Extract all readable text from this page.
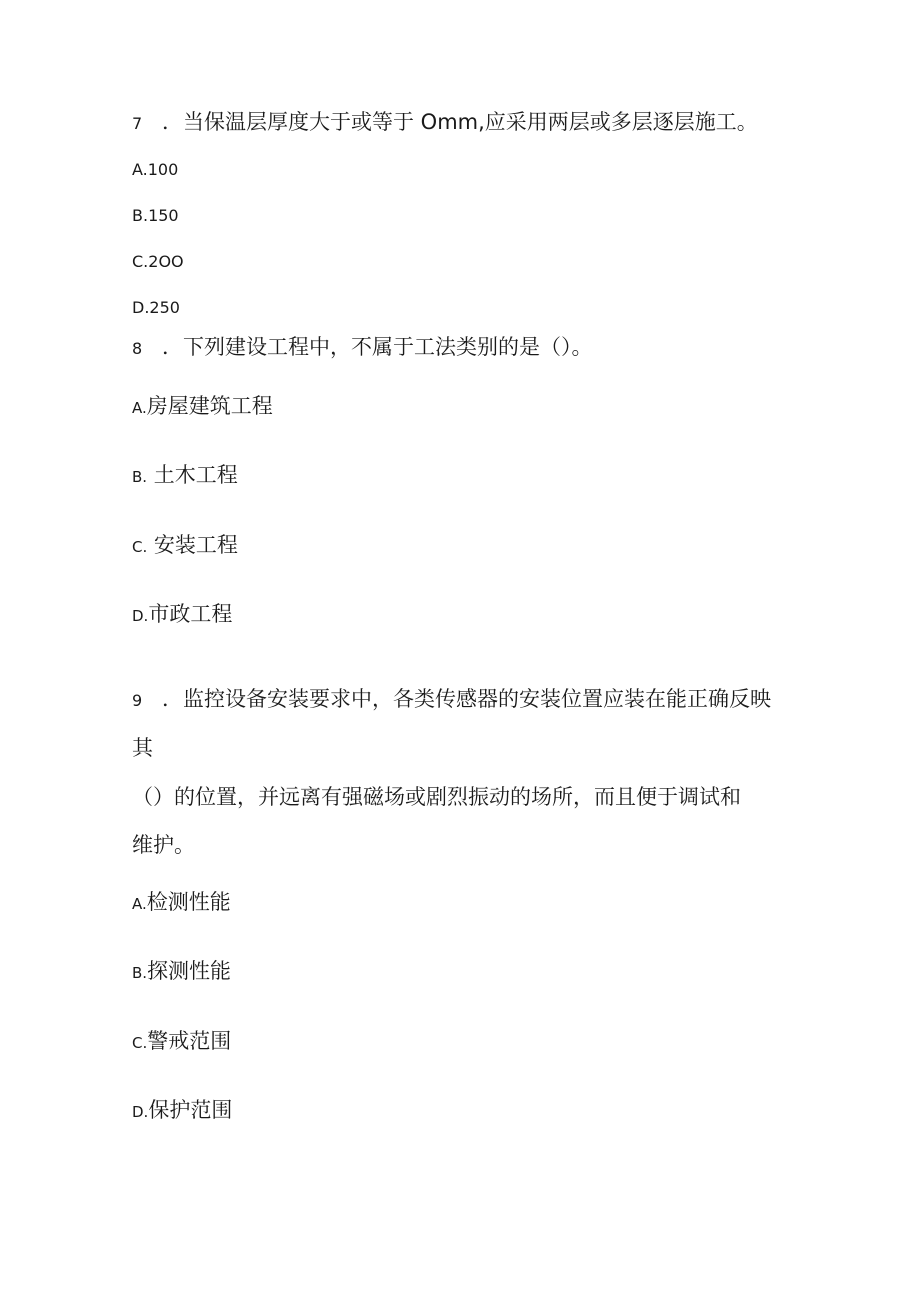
7 ．当保温层厚度大于或等于 Omm,应采用两层或多层逐层施工。
A.100
B.150
C.2OO
D.250
8 ．下列建设工程中，不属于工法类别的是（）。
A.房屋建筑工程
B. 土木工程
C. 安装工程
D.市政工程
9 ．监控设备安装要求中，各类传感器的安装位置应装在能正确反映
其
（）的位置，并远离有强磁场或剧烈振动的场所，而且便于调试和
维护。
A.检测性能
B.探测性能
C.警戒范围
D.保护范围
